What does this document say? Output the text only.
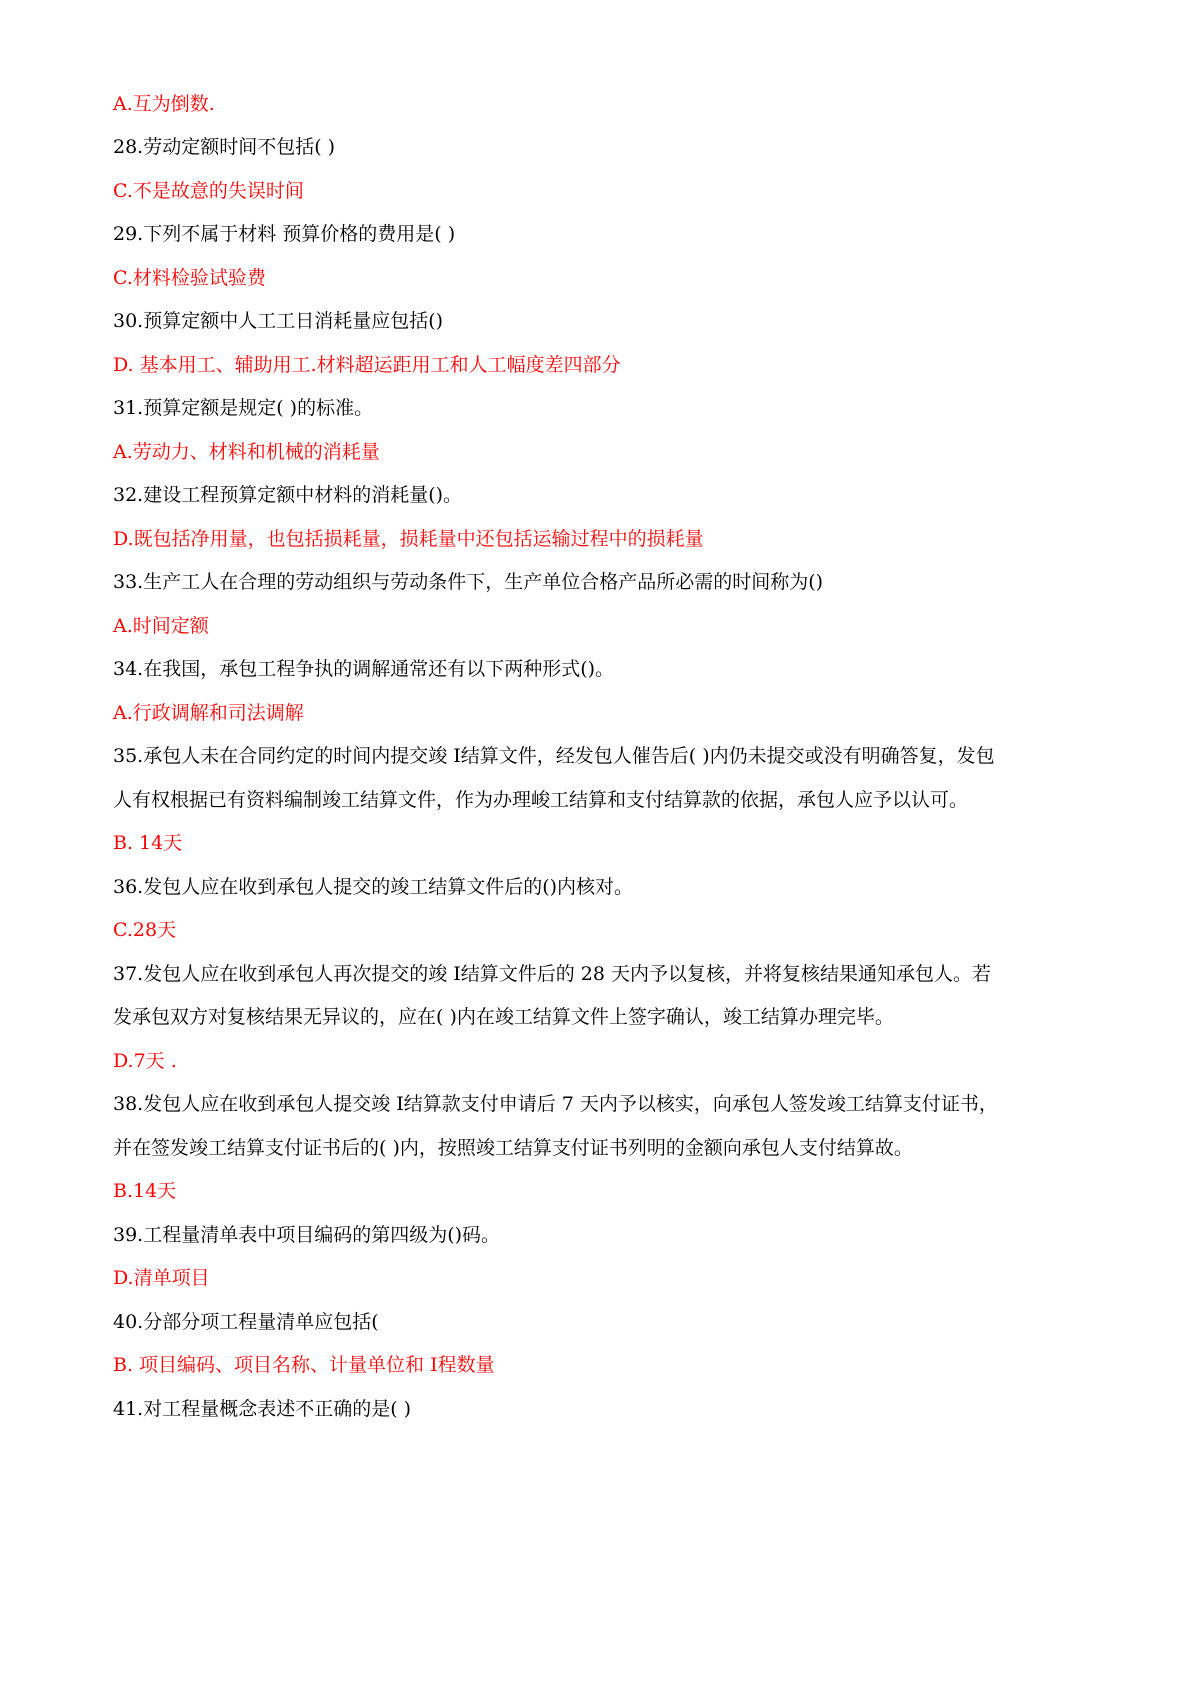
A.互为倒数.
28.劳动定额时间不包括( )
C.不是故意的失误时间
29.下列不属于材料 预算价格的费用是( )
C.材料检验试验费
30.预算定额中人工工日消耗量应包括()
D. 基本用工、辅助用工.材料超运距用工和人工幅度差四部分
31.预算定额是规定( )的标准。
A.劳动力、材料和机械的消耗量
32.建设工程预算定额中材料的消耗量()。
D.既包括净用量，也包括损耗量，损耗量中还包括运输过程中的损耗量
33.生产工人在合理的劳动组织与劳动条件下，生产单位合格产品所必需的时间称为()
A.时间定额
34.在我国，承包工程争执的调解通常还有以下两种形式()。
A.行政调解和司法调解
35.承包人未在合同约定的时间内提交竣 I结算文件，经发包人催告后( )内仍未提交或没有明确答复，发包
人有权根据已有资料编制竣工结算文件，作为办理峻工结算和支付结算款的依据，承包人应予以认可。
B. 14天
36.发包人应在收到承包人提交的竣工结算文件后的()内核对。
C.28天
37.发包人应在收到承包人再次提交的竣 I结算文件后的 28 天内予以复核，并将复核结果通知承包人。若
发承包双方对复核结果无异议的，应在( )内在竣工结算文件上签字确认，竣工结算办理完毕。
D.7天 .
38.发包人应在收到承包人提交竣 I结算款支付申请后 7 天内予以核实，向承包人签发竣工结算支付证书，
并在签发竣工结算支付证书后的( )内，按照竣工结算支付证书列明的金额向承包人支付结算故。
B.14天
39.工程量清单表中项目编码的第四级为()码。
D.清单项目
40.分部分项工程量清单应包括(
B. 项目编码、项目名称、计量单位和 I程数量
41.对工程量概念表述不正确的是( )
